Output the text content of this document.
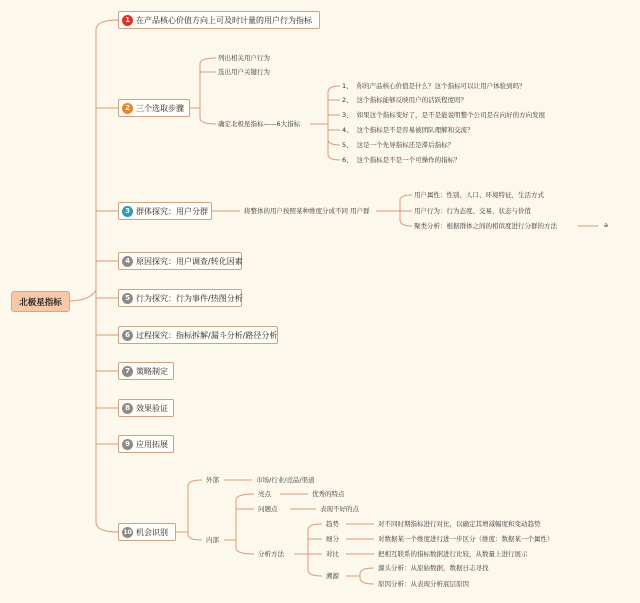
北极星指标
1 在产品核心价值方向上可及时计量的用户行为指标
2 三个选取步骤
列出相关用户行为
选出用户关键行为
确定北极星指标——6大指标
1、 你的产品核心价值是什么？这个指标可以让用户体验到吗？
2、 这个指标能够反映用户的活跃程度吗？
3、 如果这个指标变好了，是不是能说明整个公司是在向好的方向发展
4、 这个指标是不是容易被团队理解和交流？
5、 这是一个先导指标还是滞后指标？
6、 这个指标是不是一个可操作的指标？
3 群体探究：用户分群	将整体的用户按照某种维度分成不同 用户群
用户属性：性别、人口、环境特征、生活方式
用户行为：行为态度、交易、状态与价值
聚类分析：根据群体之间的相似度进行分群的方法	a
4 原因探究：用户调查/转化因素
5 行为探究：行为事件/热图分析
6 过程探究：指标拆解/漏斗分析/路径分析
7 策略制定
8 效果验证
9 应用拓展
10 机会识别
外部	市场/行业/竞品/渠道
内部
亮点	优秀的特点
问题点	表现不好的点
分析方法
趋势	对不同时期指标进行对比，以确定其增减幅度和变动趋势
细分	对数据某一个维度进行进一步区分（维度：数据某一个属性）
对比	把相互联系的指标数据进行比较，从数量上进行展示
溯源
源头分析：从原始数据，数据日志寻找
原因分析：从表现分析底层原因
